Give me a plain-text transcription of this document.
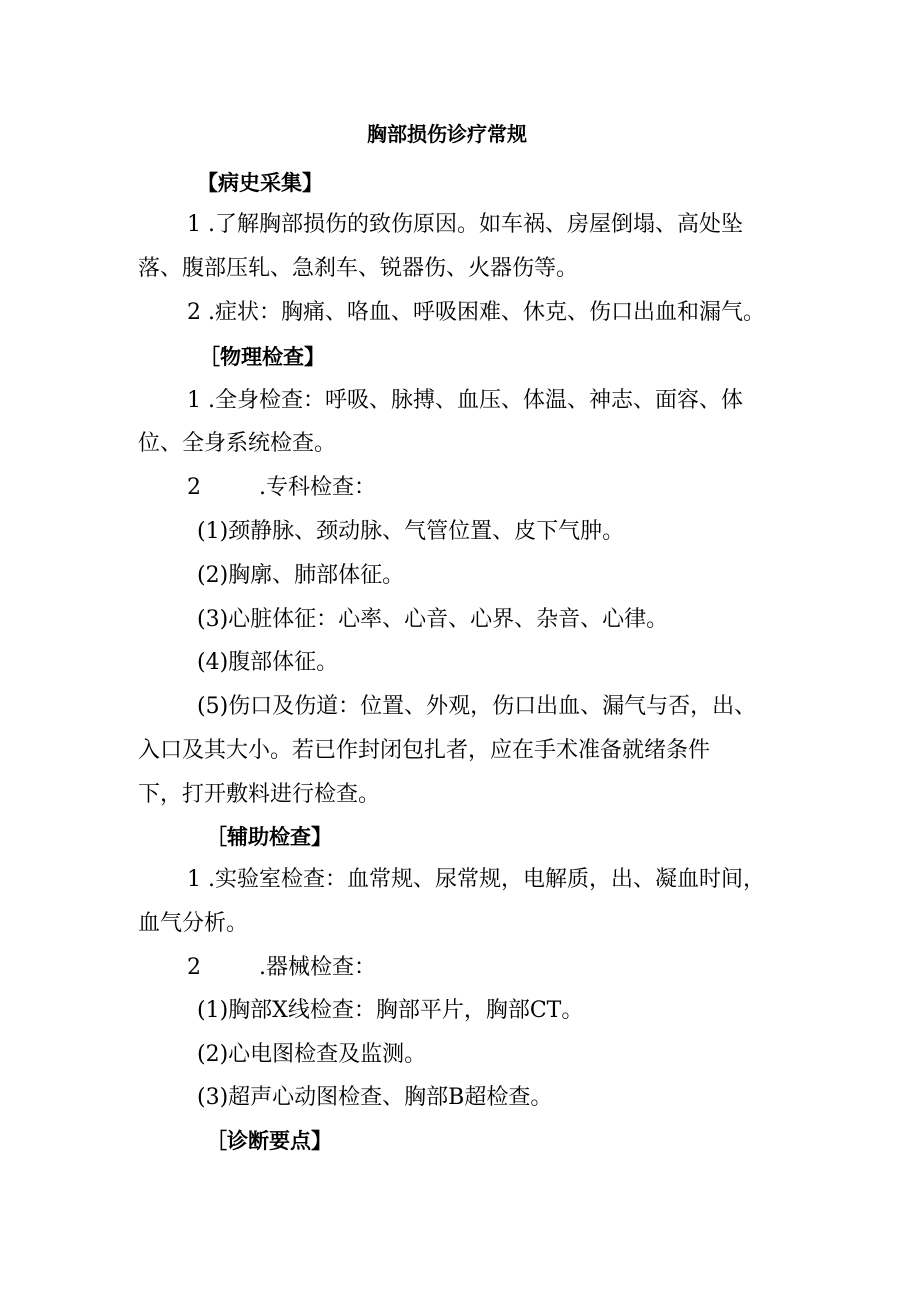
胸部损伤诊疗常规
【病史采集】
1 .了解胸部损伤的致伤原因。如车祸、房屋倒塌、高处坠
落、腹部压轧、急刹车、锐器伤、火器伤等。
2 .症状：胸痛、咯血、呼吸困难、休克、伤口出血和漏气。
［物理检查】
1 .全身检查：呼吸、脉搏、血压、体温、神志、面容、体
位、全身系统检查。
2	.专科检查：
(1)颈静脉、颈动脉、气管位置、皮下气肿。
(2)胸廓、肺部体征。
(3)心脏体征：心率、心音、心界、杂音、心律。
(4)腹部体征。
(5)伤口及伤道：位置、外观，伤口出血、漏气与否，出、
入口及其大小。若已作封闭包扎者，应在手术准备就绪条件
下，打开敷料进行检查。
［辅助检查】
1 .实验室检查：血常规、尿常规，电解质，出、凝血时间，
血气分析。
2	.器械检查：
(1)胸部X线检查：胸部平片，胸部CT。
(2)心电图检查及监测。
(3)超声心动图检查、胸部B超检查。
［诊断要点】
